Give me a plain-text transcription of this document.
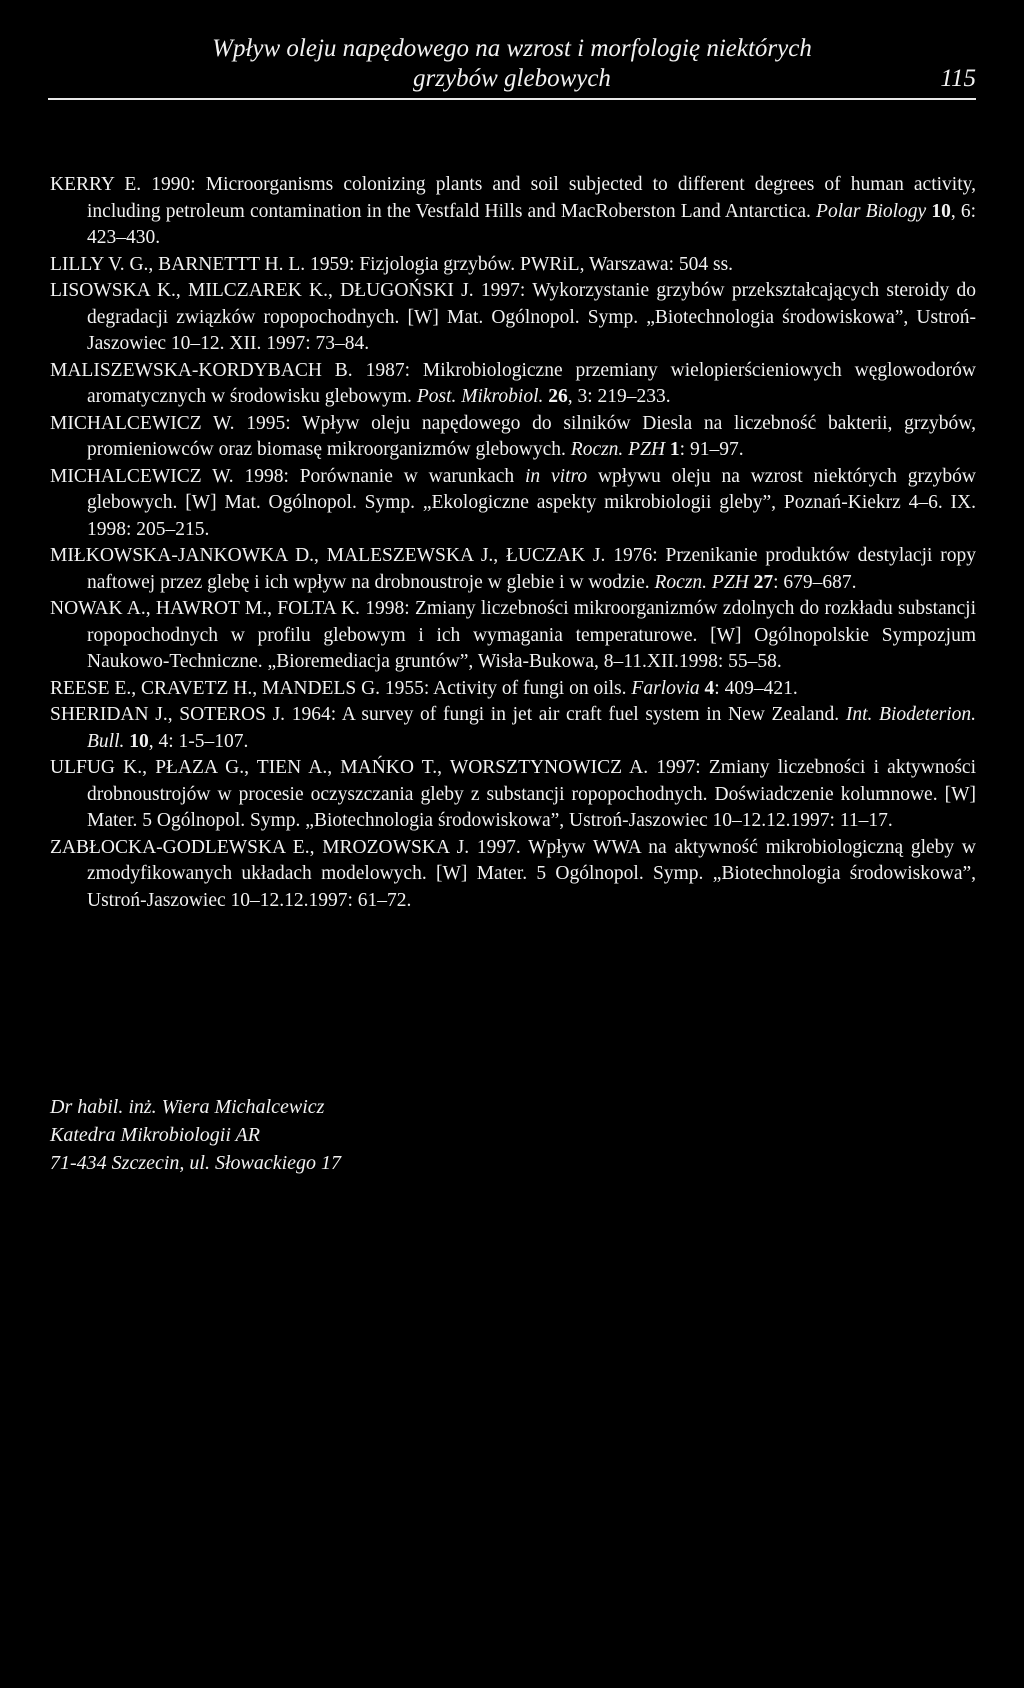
Wpływ oleju napędowego na wzrost i morfologię niektórych
grzybów glebowych	115

KERRY E. 1990: Microorganisms colonizing plants and soil subjected to different degrees of human activity, including petroleum contamination in the Vestfald Hills and MacRoberston Land Antarctica. Polar Biology 10, 6: 423–430.

LILLY V. G., BARNETTT H. L. 1959: Fizjologia grzybów. PWRiL, Warszawa: 504 ss.

LISOWSKA K., MILCZAREK K., DŁUGOŃSKI J. 1997: Wykorzystanie grzybów przekształcających steroidy do degradacji związków ropopochodnych. [W] Mat. Ogólnopol. Symp. „Biotechnologia środowiskowa”, Ustroń-Jaszowiec 10–12. XII. 1997: 73–84.

MALISZEWSKA-KORDYBACH B. 1987: Mikrobiologiczne przemiany wielopierścieniowych węglowodorów aromatycznych w środowisku glebowym. Post. Mikrobiol. 26, 3: 219–233.

MICHALCEWICZ W. 1995: Wpływ oleju napędowego do silników Diesla na liczebność bakterii, grzybów, promieniowców oraz biomasę mikroorganizmów glebowych. Roczn. PZH 1: 91–97.

MICHALCEWICZ W. 1998: Porównanie w warunkach in vitro wpływu oleju na wzrost niektórych grzybów glebowych. [W] Mat. Ogólnopol. Symp. „Ekologiczne aspekty mikrobiologii gleby”, Poznań-Kiekrz 4–6. IX. 1998: 205–215.

MIŁKOWSKA-JANKOWKA D., MALESZEWSKA J., ŁUCZAK J. 1976: Przenikanie produktów destylacji ropy naftowej przez glebę i ich wpływ na drobnoustroje w glebie i w wodzie. Roczn. PZH 27: 679–687.

NOWAK A., HAWROT M., FOLTA K. 1998: Zmiany liczebności mikroorganizmów zdolnych do rozkładu substancji ropopochodnych w profilu glebowym i ich wymagania temperaturowe. [W] Ogólnopolskie Sympozjum Naukowo-Techniczne. „Bioremediacja gruntów”, Wisła-Bukowa, 8–11.XII.1998: 55–58.

REESE E., CRAVETZ H., MANDELS G. 1955: Activity of fungi on oils. Farlovia 4: 409–421.

SHERIDAN J., SOTEROS J. 1964: A survey of fungi in jet air craft fuel system in New Zealand. Int. Biodeterion. Bull. 10, 4: 1-5–107.

ULFUG K., PŁAZA G., TIEN A., MAŃKO T., WORSZTYNOWICZ A. 1997: Zmiany liczebności i aktywności drobnoustrojów w procesie oczyszczania gleby z substancji ropopochodnych. Doświadczenie kolumnowe. [W] Mater. 5 Ogólnopol. Symp. „Biotechnologia środowiskowa”, Ustroń-Jaszowiec 10–12.12.1997: 11–17.

ZABŁOCKA-GODLEWSKA E., MROZOWSKA J. 1997. Wpływ WWA na aktywność mikrobiologiczną gleby w zmodyfikowanych układach modelowych. [W] Mater. 5 Ogólnopol. Symp. „Biotechnologia środowiskowa”, Ustroń-Jaszowiec 10–12.12.1997: 61–72.

Dr habil. inż. Wiera Michalcewicz
Katedra Mikrobiologii AR
71-434 Szczecin, ul. Słowackiego 17
